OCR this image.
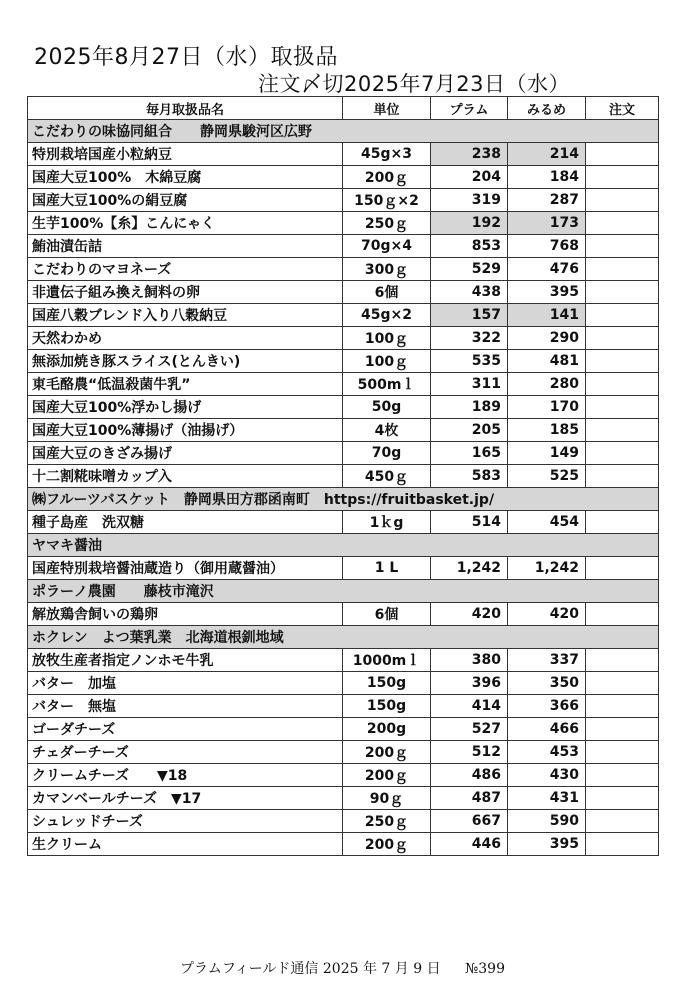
2025年8月27日（水）取扱品
注文〆切2025年7月23日（水）
毎月取扱品名	単位	プラム	みるめ	注文
こだわりの味協同組合　　静岡県駿河区広野				
特別栽培国産小粒納豆	45g×3	238	214	
国産大豆100%　木綿豆腐	200ｇ	204	184	
国産大豆100%の絹豆腐	150ｇ×2	319	287	
生芋100%【糸】こんにゃく	250ｇ	192	173	
鮪油漬缶詰	70g×4	853	768	
こだわりのマヨネーズ	300ｇ	529	476	
非遺伝子組み換え飼料の卵	6個	438	395	
国産八穀ブレンド入り八穀納豆	45g×2	157	141	
天然わかめ	100ｇ	322	290	
無添加焼き豚スライス(とんきい)	100ｇ	535	481	
東毛酪農“低温殺菌牛乳”	500mｌ	311	280	
国産大豆100%浮かし揚げ	50g	189	170	
国産大豆100%薄揚げ（油揚げ）	4枚	205	185	
国産大豆のきざみ揚げ	70g	165	149	
十二割糀味噌カップ入	450ｇ	583	525	
㈱フルーツバスケット　静岡県田方郡函南町　https://fruitbasket.jp/				
種子島産　洗双糖	1ｋg	514	454	
ヤマキ醤油				
国産特別栽培醤油蔵造り（御用蔵醤油）	1 L	1,242	1,242	
ポラーノ農園　　藤枝市滝沢				
解放鶏舎飼いの鶏卵	6個	420	420	
ホクレン　よつ葉乳業　北海道根釧地域				
放牧生産者指定ノンホモ牛乳	1000mｌ	380	337	
バター　加塩	150g	396	350	
バター　無塩	150g	414	366	
ゴーダチーズ	200g	527	466	
チェダーチーズ	200ｇ	512	453	
クリームチーズ　　▼18	200ｇ	486	430	
カマンベールチーズ　▼17	90ｇ	487	431	
シュレッドチーズ	250ｇ	667	590	
生クリーム	200ｇ	446	395	
プラムフィールド通信 2025 年 7 月 9 日 №399
